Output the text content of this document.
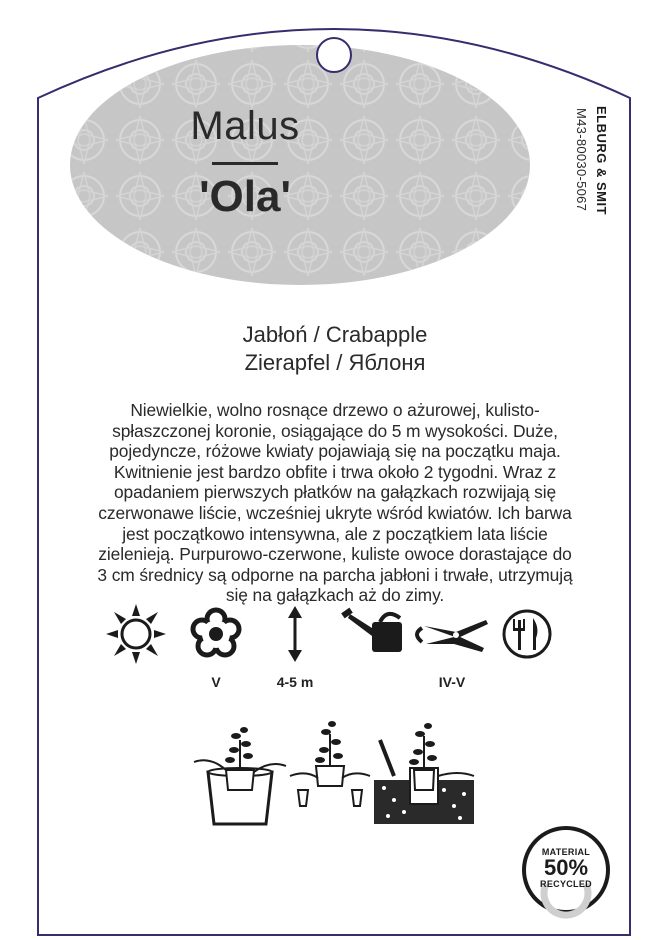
Malus
'Ola'	ELBURG & SMIT
M43-80030-5067
Jabłoń / Crabapple
Zierapfel / Яблоня
Niewielkie, wolno rosnące drzewo o ażurowej, kulisto-spłaszczonej koronie, osiągające do 5 m wysokości. Duże, pojedyncze, różowe kwiaty pojawiają się na początku maja. Kwitnienie jest bardzo obfite i trwa około 2 tygodni. Wraz z opadaniem pierwszych płatków na gałązkach rozwijają się czerwonawe liście, wcześniej ukryte wśród kwiatów. Ich barwa jest początkowo intensywna, ale z początkiem lata liście zielenieją. Purpurowo-czerwone, kuliste owoce dorastające do 3 cm średnicy są odporne na parcha jabłoni i trwałe, utrzymują się na gałązkach aż do zimy.
V	4-5 m	IV-V
MATERIAL
50%
RECYCLED
